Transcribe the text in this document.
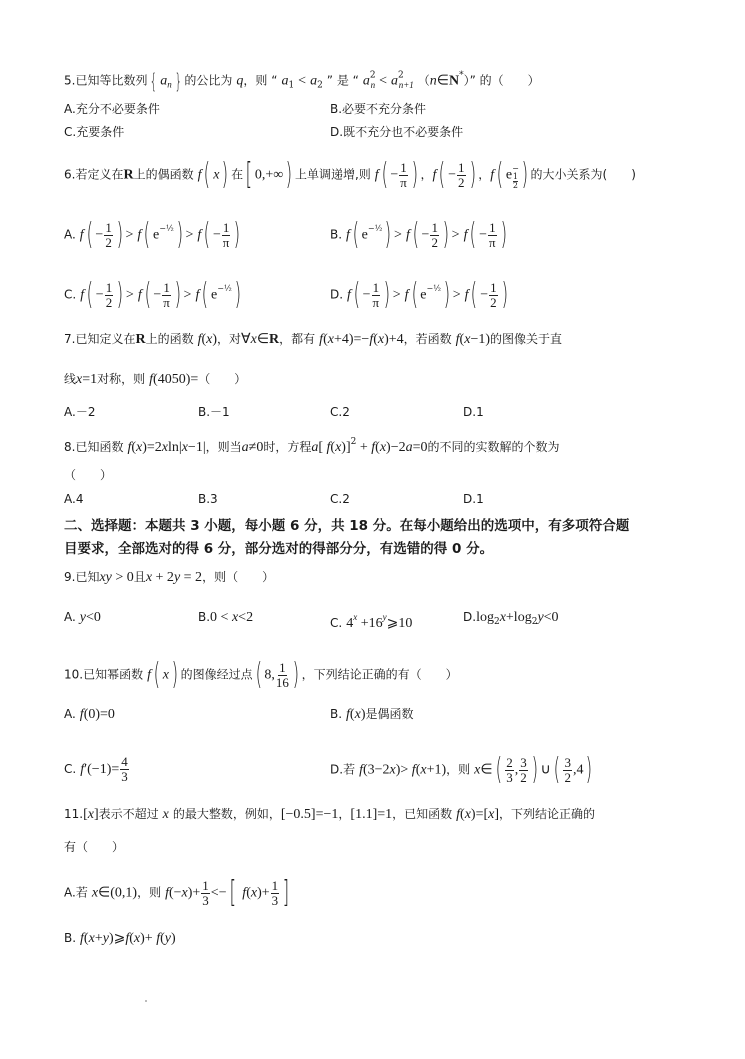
5.已知等比数列 { $a_n$ } 的公比为 q，则 “ $a_1 < a_2$ ” 是 “ $a^2_n < a^2_{n+1}$ （n∈N*）” 的（　　）
A.充分不必要条件	B.必要不充分条件
C.充要条件	D.既不充分也不必要条件
6.若定义在R上的偶函数 f( x) 在[ 0,+∞) 上单调递增,则 $f( - \frac{1}{\pi}$ ) ，$f( - \frac{1}{2}$ ) ，f( e−
1
2 ) 的大小关系为(　　)
A. $f( - \frac{1}{2}$ ) > f( e−½) > $f( - \frac{1}{\pi}$ )	B. f( e−½) > $f( - \frac{1}{2}$ ) > $f( - \frac{1}{\pi}$ )
C. $f( - \frac{1}{2}$ ) > $f( - \frac{1}{\pi}$ ) > f( e−½)	D. $f( - \frac{1}{\pi}$ ) > f( e−½) > $f( - \frac{1}{2}$ )
7.已知定义在R上的函数 f(x)，对∀x∈R，都有 f(x+4)=−f(x)+4，若函数 f(x−1)的图像关于直
线x=1对称，则 f(4050)=（　　）
A.－2	B.－1	C.2	D.1
8.已知函数 f(x)=2xln|x−1|，则当a≠0时，方程a[ f(x)]$^2$ + f(x)−2a=0的不同的实数解的个数为
（　　）
A.4	B.3	C.2	D.1
二、选择题：本题共 3 小题，每小题 6 分，共 18 分。在每小题给出的选项中，有多项符合题
目要求，全部选对的得 6 分，部分选对的得部分分，有选错的得 0 分。
9.已知xy > 0且x + 2y = 2，则（　　）
A. y<0	B.0 < x<2	C. $4^x$ $+16^y⩾10$	$D.\log_2x+\log_2y<0$
10.已知幂函数 f( x) 的图像经过点( 8, $\frac{1}{16}$ ) ，下列结论正确的有（　　）
A. f(0)=0	B. f(x)是偶函数
C. $f'(-1)= \frac{4}{3}$	D.若 f(3−2x)> f(x+1)，则 x∈( $\frac{2}{3}$ , $\frac{3}{2}$ ) ∪( $\frac{3}{2} ,4$)
11.[x]表示不超过 x 的最大整数，例如，[−0.5]=−1，[1.1]=1，已知函数 f(x)=[x]，下列结论正确的
有（　　）
A.若 x∈(0,1)，则 $f(-x)+ \frac{1}{3}$ <−[ $f(x)+ \frac{1}{3}$ ]
B. f(x+y)⩾f(x)+ f(y)
